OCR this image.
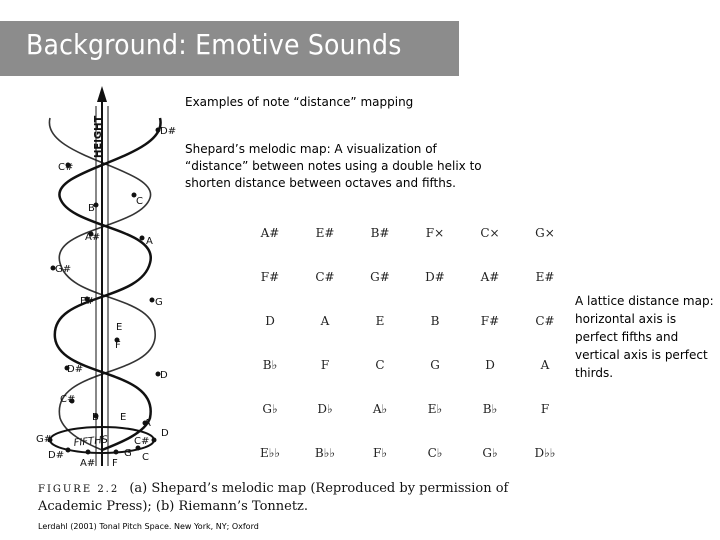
Background: Emotive Sounds
Examples of note “distance” mapping
Shepard’s melodic map: A visualization of “distance” between notes using a double helix to shorten distance between octaves and fifths.
A lattice distance map: horizontal axis is perfect fifths and vertical axis is perfect thirds.
HEIGHT
FIFTHS
D#
C#
B
C
A#	A
G#
F#	G
E
F
D#
D
C#
B E
A
G#
D
C#
C
D#
A# F
G
A#	E#	B#	F×	C×	G×
F#	C#	G#	D#	A#	E#
D	A	E	B	F#	C#
B♭	F	C	G	D	A
G♭	D♭	A♭	E♭	B♭	F
E♭♭	B♭♭	F♭	C♭	G♭	D♭♭
FIGURE 2.2 (a) Shepard’s melodic map (Reproduced by permission of Academic Press); (b) Riemann’s Tonnetz.
Lerdahl (2001) Tonal Pitch Space. New York, NY; Oxford
